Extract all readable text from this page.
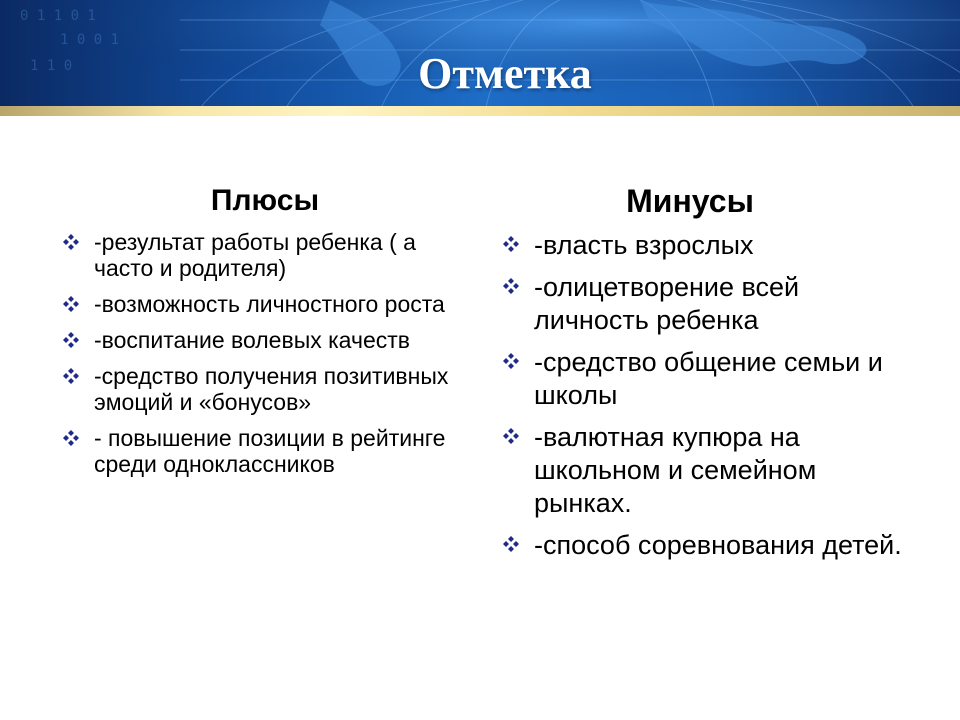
0 1 1 0 1
1 0 0 1
1 1 0	Отметка
Плюсы
-результат работы ребенка ( а часто и родителя)
-возможность личностного роста
-воспитание волевых качеств
-средство получения позитивных эмоций и «бонусов»
- повышение позиции в рейтинге среди одноклассников
Минусы
-власть взрослых
-олицетворение всей личность ребенка
-средство общение семьи и школы
-валютная купюра на школьном и семейном рынках.
-способ соревнования детей.
